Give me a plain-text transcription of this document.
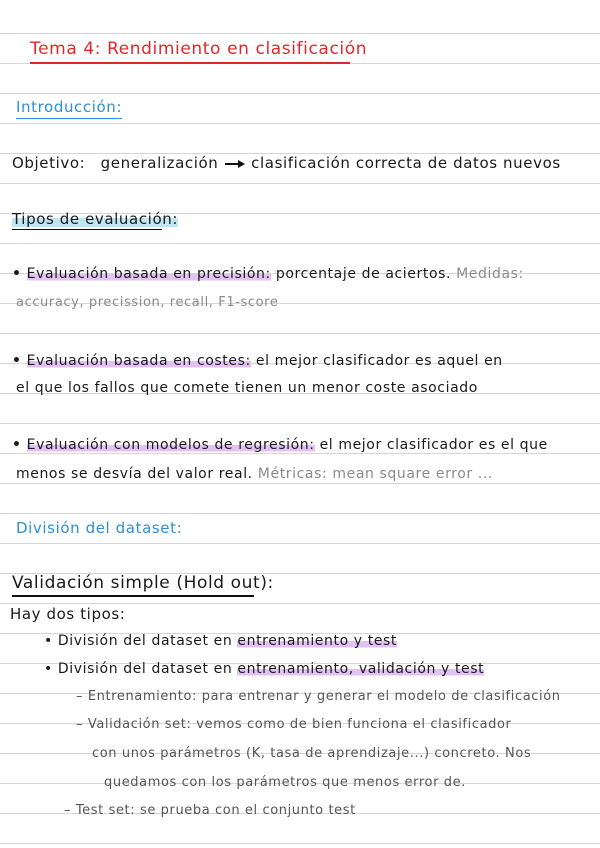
Tema 4: Rendimiento en clasificación
Introducción:
Objetivo: generalización clasificación correcta de datos nuevos
Tipos de evaluación:
• Evaluación basada en precisión: porcentaje de aciertos. Medidas:
accuracy, precission, recall, F1-score
• Evaluación basada en costes: el mejor clasificador es aquel en
el que los fallos que comete tienen un menor coste asociado
• Evaluación con modelos de regresión: el mejor clasificador es el que
menos se desvía del valor real. Métricas: mean square error ...
División del dataset:
Validación simple (Hold out):
Hay dos tipos:
• División del dataset en entrenamiento y test
• División del dataset en entrenamiento, validación y test
– Entrenamiento: para entrenar y generar el modelo de clasificación
– Validación set: vemos como de bien funciona el clasificador
con unos parámetros (K, tasa de aprendizaje...) concreto. Nos
quedamos con los parámetros que menos error de.
– Test set: se prueba con el conjunto test
